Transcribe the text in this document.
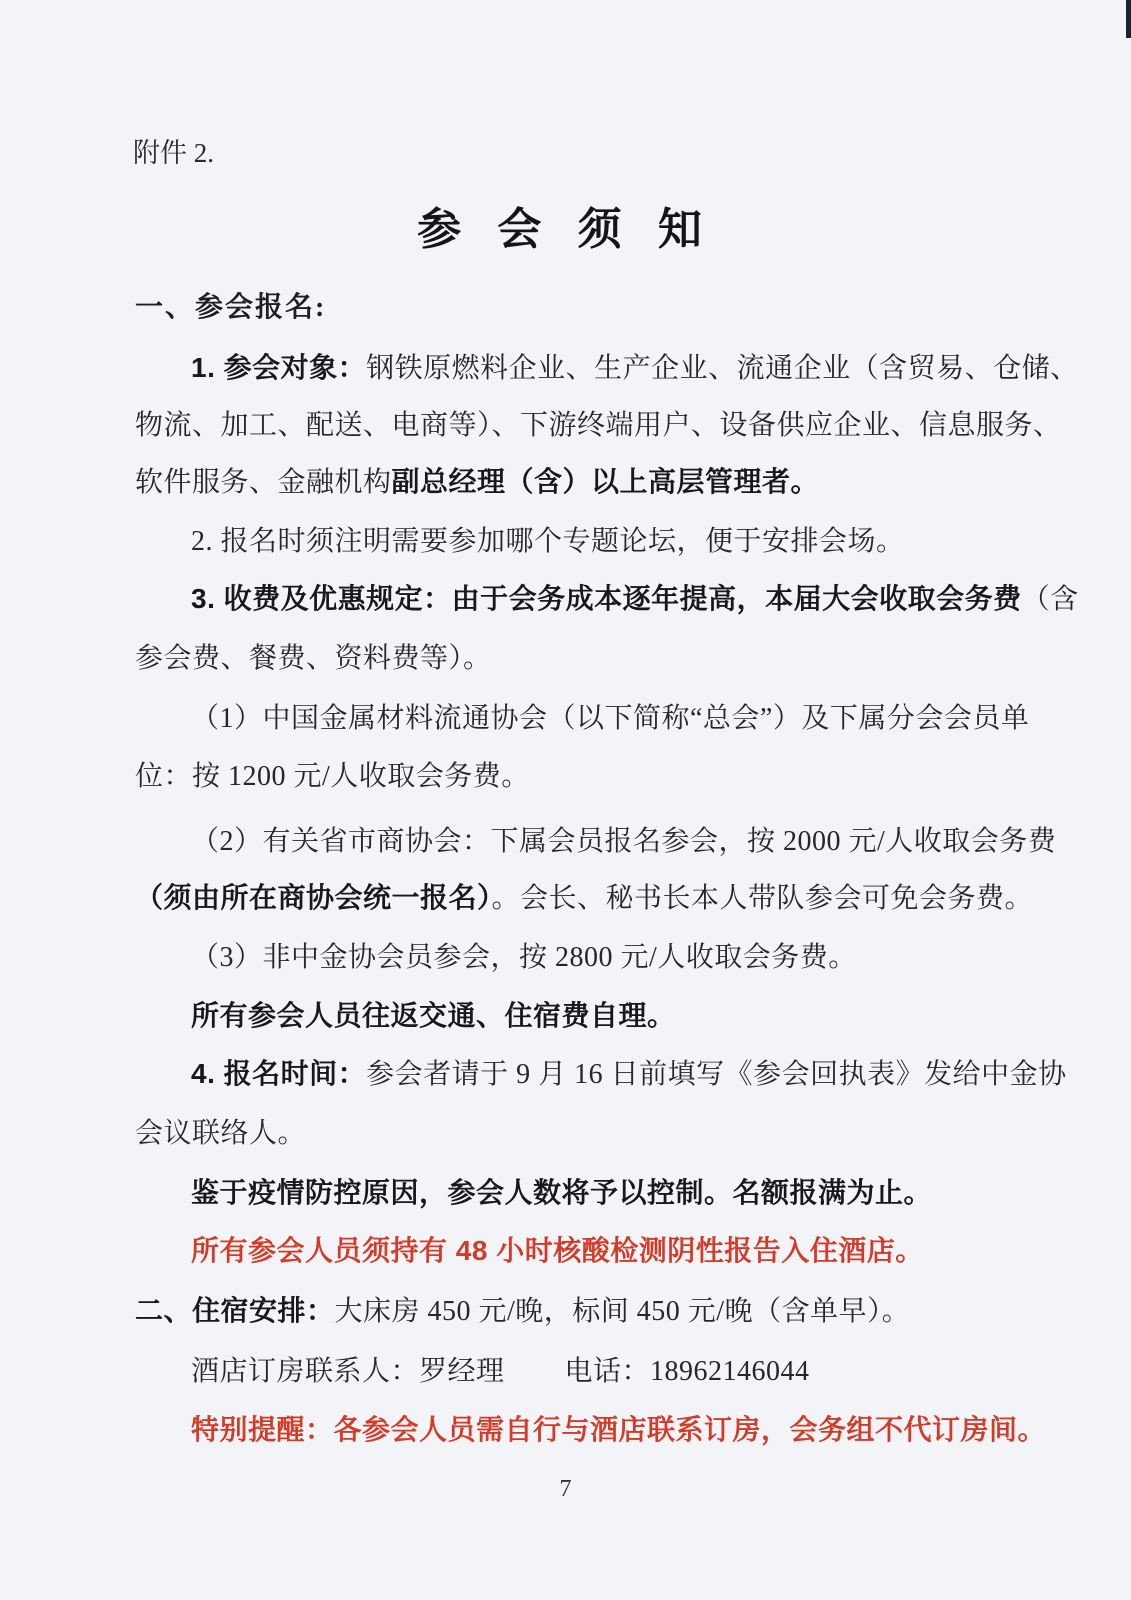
附件 2.
参 会 须 知
一、参会报名:
1. 参会对象：钢铁原燃料企业、生产企业、流通企业（含贸易、仓储、
物流、加工、配送、电商等）、下游终端用户、设备供应企业、信息服务、
软件服务、金融机构副总经理（含）以上高层管理者。
2. 报名时须注明需要参加哪个专题论坛，便于安排会场。
3. 收费及优惠规定：由于会务成本逐年提高，本届大会收取会务费（含
参会费、餐费、资料费等）。
（1）中国金属材料流通协会（以下简称“总会”）及下属分会会员单
位：按 1200 元/人收取会务费。
（2）有关省市商协会：下属会员报名参会，按 2000 元/人收取会务费
（须由所在商协会统一报名）。会长、秘书长本人带队参会可免会务费。
（3）非中金协会员参会，按 2800 元/人收取会务费。
所有参会人员往返交通、住宿费自理。
4. 报名时间：参会者请于 9 月 16 日前填写《参会回执表》发给中金协
会议联络人。
鉴于疫情防控原因，参会人数将予以控制。名额报满为止。
所有参会人员须持有 48 小时核酸检测阴性报告入住酒店。
二、住宿安排：大床房 450 元/晚，标间 450 元/晚（含单早）。
酒店订房联系人：罗经理 电话：18962146044
特别提醒：各参会人员需自行与酒店联系订房，会务组不代订房间。
7
